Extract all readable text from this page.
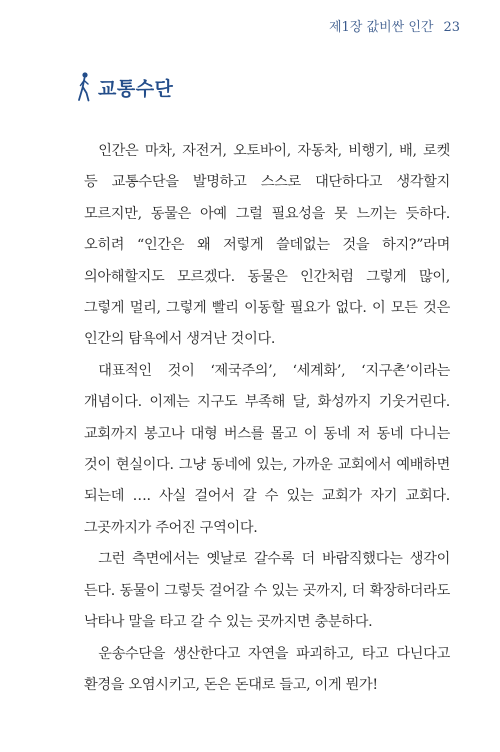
제1장 값비싼 인간 23
교통수단

인간은 마차, 자전거, 오토바이, 자동차, 비행기, 배, 로켓 등 교통수단을 발명하고 스스로 대단하다고 생각할지 모르지만, 동물은 아예 그럴 필요성을 못 느끼는 듯하다. 오히려 “인간은 왜 저렇게 쓸데없는 것을 하지?”라며 의아해할지도 모르겠다. 동물은 인간처럼 그렇게 많이, 그렇게 멀리, 그렇게 빨리 이동할 필요가 없다. 이 모든 것은 인간의 탐욕에서 생겨난 것이다.

대표적인 것이 ‘제국주의’, ‘세계화’, ‘지구촌’이라는 개념이다. 이제는 지구도 부족해 달, 화성까지 기웃거린다. 교회까지 봉고나 대형 버스를 몰고 이 동네 저 동네 다니는 것이 현실이다. 그냥 동네에 있는, 가까운 교회에서 예배하면 되는데 …. 사실 걸어서 갈 수 있는 교회가 자기 교회다. 그곳까지가 주어진 구역이다.

그런 측면에서는 옛날로 갈수록 더 바람직했다는 생각이 든다. 동물이 그렇듯 걸어갈 수 있는 곳까지, 더 확장하더라도 낙타나 말을 타고 갈 수 있는 곳까지면 충분하다.

운송수단을 생산한다고 자연을 파괴하고, 타고 다닌다고 환경을 오염시키고, 돈은 돈대로 들고, 이게 뭔가!
